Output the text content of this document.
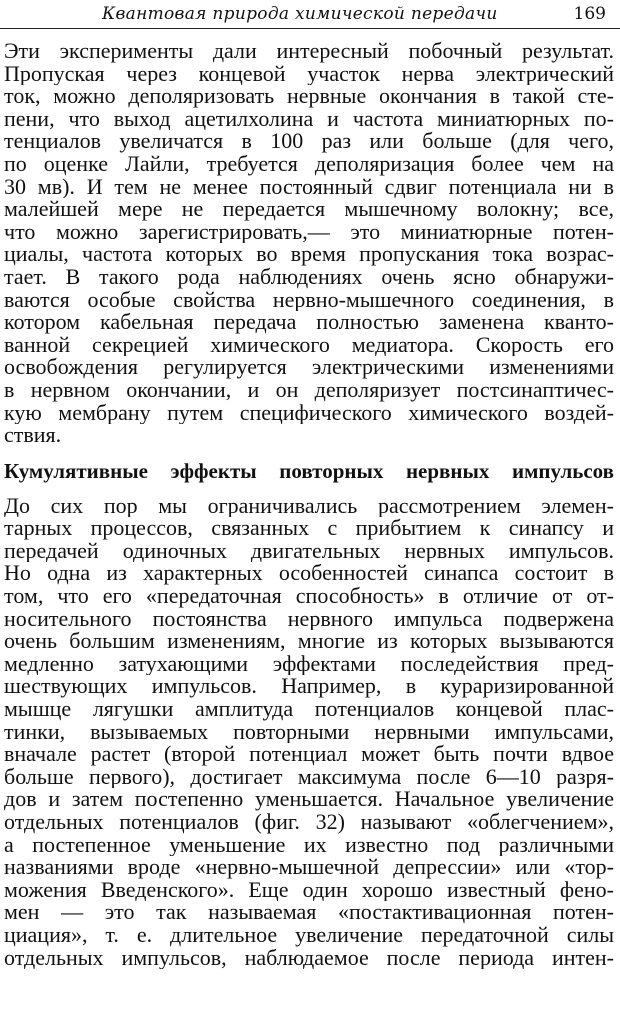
Квантовая природа химической передачи	169
Эти эксперименты дали интересный побочный результат.
Пропуская через концевой участок нерва электрический
ток, можно деполяризовать нервные окончания в такой сте-
пени, что выход ацетилхолина и частота миниатюрных по-
тенциалов увеличатся в 100 раз или больше (для чего,
по оценке Лайли, требуется деполяризация более чем на
30 мв). И тем не менее постоянный сдвиг потенциала ни в
малейшей мере не передается мышечному волокну; все,
что можно зарегистрировать,— это миниатюрные потен-
циалы, частота которых во время пропускания тока возрас-
тает. В такого рода наблюдениях очень ясно обнаружи-
ваются особые свойства нервно-мышечного соединения, в
котором кабельная передача полностью заменена кванто-
ванной секрецией химического медиатора. Скорость его
освобождения регулируется электрическими изменениями
в нервном окончании, и он деполяризует постсинаптичес-
кую мембрану путем специфического химического воздей-
ствия.
Кумулятивные эффекты повторных нервных импульсов
До сих пор мы ограничивались рассмотрением элемен-
тарных процессов, связанных с прибытием к синапсу и
передачей одиночных двигательных нервных импульсов.
Но одна из характерных особенностей синапса состоит в
том, что его «передаточная способность» в отличие от от-
носительного постоянства нервного импульса подвержена
очень большим изменениям, многие из которых вызываются
медленно затухающими эффектами последействия пред-
шествующих импульсов. Например, в кураризированной
мышце лягушки амплитуда потенциалов концевой плас-
тинки, вызываемых повторными нервными импульсами,
вначале растет (второй потенциал может быть почти вдвое
больше первого), достигает максимума после 6—10 разря-
дов и затем постепенно уменьшается. Начальное увеличение
отдельных потенциалов (фиг. 32) называют «облегчением»,
а постепенное уменьшение их известно под различными
названиями вроде «нервно-мышечной депрессии» или «тор-
можения Введенского». Еще один хорошо известный фено-
мен — это так называемая «постактивационная потен-
циация», т. е. длительное увеличение передаточной силы
отдельных импульсов, наблюдаемое после периода интен-
